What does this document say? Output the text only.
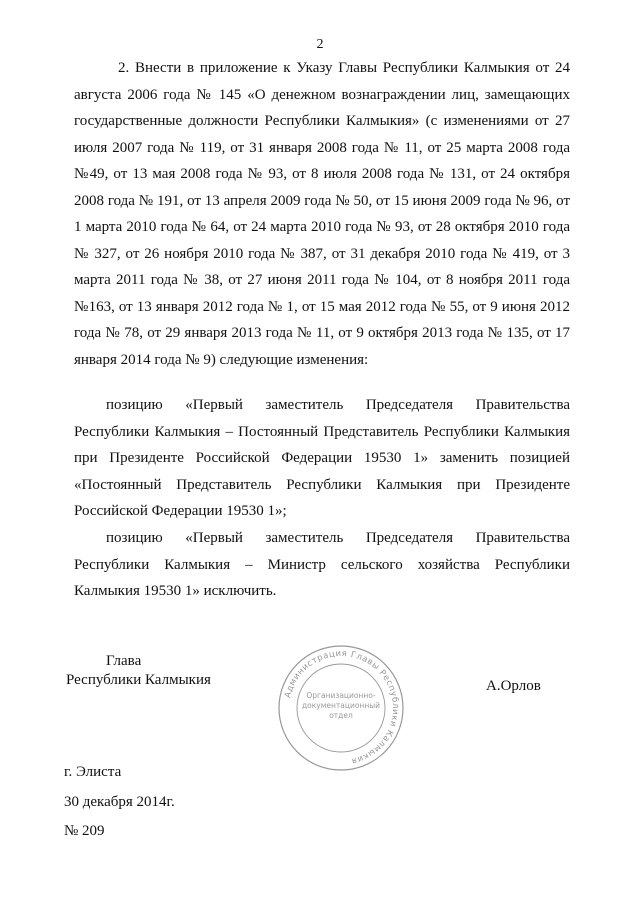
2

2. Внести в приложение к Указу Главы Республики Калмыкия от 24 августа 2006 года № 145 «О денежном вознаграждении лиц, замещающих государственные должности Республики Калмыкия» (с изменениями от 27 июля 2007 года № 119, от 31 января 2008 года № 11, от 25 марта 2008 года №49, от 13 мая 2008 года № 93, от 8 июля 2008 года № 131, от 24 октября 2008 года № 191, от 13 апреля 2009 года № 50, от 15 июня 2009 года № 96, от 1 марта 2010 года № 64, от 24 марта 2010 года № 93, от 28 октября 2010 года № 327, от 26 ноября 2010 года № 387, от 31 декабря 2010 года № 419, от 3 марта 2011 года № 38, от 27 июня 2011 года № 104, от 8 ноября 2011 года №163, от 13 января 2012 года № 1, от 15 мая 2012 года № 55, от 9 июня 2012 года № 78, от 29 января 2013 года № 11, от 9 октября 2013 года № 135, от 17 января 2014 года № 9) следующие изменения:

позицию «Первый заместитель Председателя Правительства Республики Калмыкия – Постоянный Представитель Республики Калмыкия при Президенте Российской Федерации 19530 1» заменить позицией «Постоянный Представитель Республики Калмыкия при Президенте Российской Федерации 19530 1»;

позицию «Первый заместитель Председателя Правительства Республики Калмыкия – Министр сельского хозяйства Республики Калмыкия 19530 1» исключить.

Глава
Республики Калмыкия
Администрация Главы Республики Калмыкия
Организационно-
документационный
отдел
А.Орлов
г. Элиста
30 декабря 2014г.
№ 209
